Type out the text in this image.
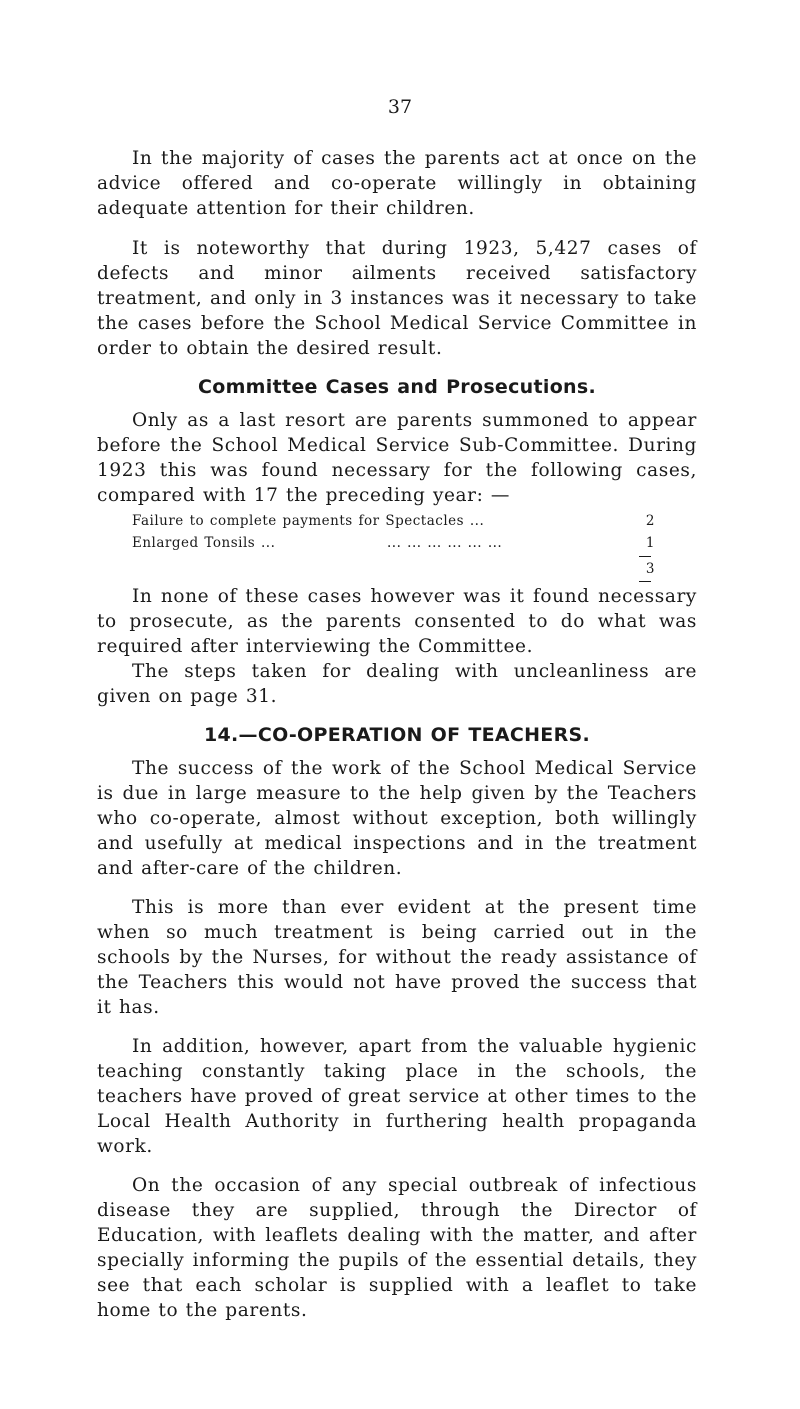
37

In the majority of cases the parents act at once on the advice offered and co-operate willingly in obtaining adequate attention for their children.

It is noteworthy that during 1923, 5,427 cases of defects and minor ailments received satisfactory treatment, and only in 3 instances was it necessary to take the cases before the School Medical Service Committee in order to obtain the desired result.

Committee Cases and Prosecutions.

Only as a last resort are parents summoned to appear before the School Medical Service Sub-Committee. During 1923 this was found necessary for the following cases, compared with 17 the preceding year: —

Failure to complete payments for Spectacles ...	2
Enlarged Tonsils ...	... ... ... ... ... ...	1
3

In none of these cases however was it found necessary to prosecute, as the parents consented to do what was required after interviewing the Committee.

The steps taken for dealing with uncleanliness are given on page 31.

14.—CO-OPERATION OF TEACHERS.

The success of the work of the School Medical Service is due in large measure to the help given by the Teachers who co-operate, almost without exception, both willingly and usefully at medical inspections and in the treatment and after-care of the children.

This is more than ever evident at the present time when so much treatment is being carried out in the schools by the Nurses, for without the ready assistance of the Teachers this would not have proved the success that it has.

In addition, however, apart from the valuable hygienic teaching constantly taking place in the schools, the teachers have proved of great service at other times to the Local Health Authority in furthering health propaganda work.

On the occasion of any special outbreak of infectious disease they are supplied, through the Director of Education, with leaflets dealing with the matter, and after specially informing the pupils of the essential details, they see that each scholar is supplied with a leaflet to take home to the parents.
